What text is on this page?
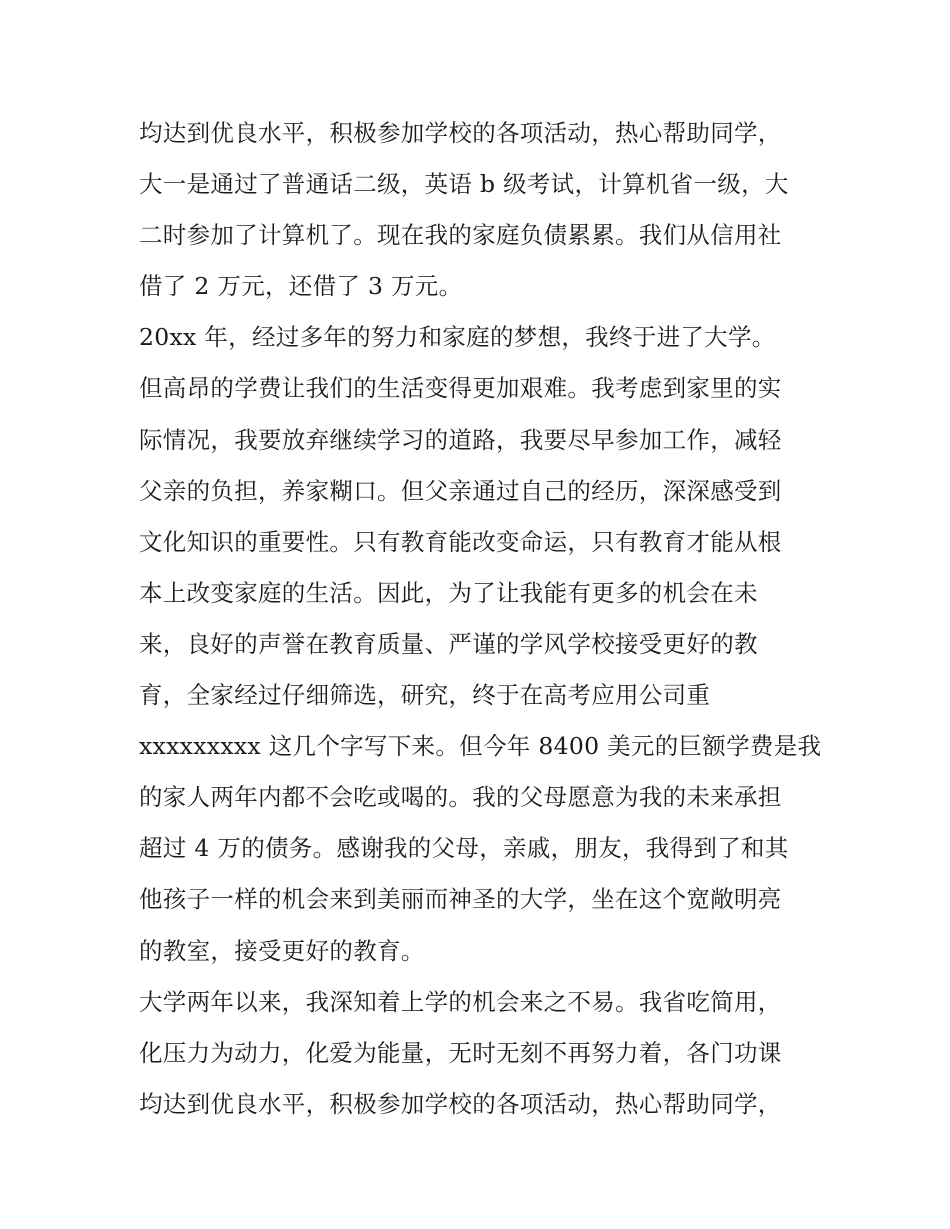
均达到优良水平，积极参加学校的各项活动，热心帮助同学，
大一是通过了普通话二级，英语 b 级考试，计算机省一级，大
二时参加了计算机了。现在我的家庭负债累累。我们从信用社
借了 2 万元，还借了 3 万元。
20xx 年，经过多年的努力和家庭的梦想，我终于进了大学。
但高昂的学费让我们的生活变得更加艰难。我考虑到家里的实
际情况，我要放弃继续学习的道路，我要尽早参加工作，减轻
父亲的负担，养家糊口。但父亲通过自己的经历，深深感受到
文化知识的重要性。只有教育能改变命运，只有教育才能从根
本上改变家庭的生活。因此，为了让我能有更多的机会在未
来，良好的声誉在教育质量、严谨的学风学校接受更好的教
育，全家经过仔细筛选，研究，终于在高考应用公司重
xxxxxxxxx 这几个字写下来。但今年 8400 美元的巨额学费是我
的家人两年内都不会吃或喝的。我的父母愿意为我的未来承担
超过 4 万的债务。感谢我的父母，亲戚，朋友，我得到了和其
他孩子一样的机会来到美丽而神圣的大学，坐在这个宽敞明亮
的教室，接受更好的教育。
大学两年以来，我深知着上学的机会来之不易。我省吃简用，
化压力为动力，化爱为能量，无时无刻不再努力着，各门功课
均达到优良水平，积极参加学校的各项活动，热心帮助同学，
